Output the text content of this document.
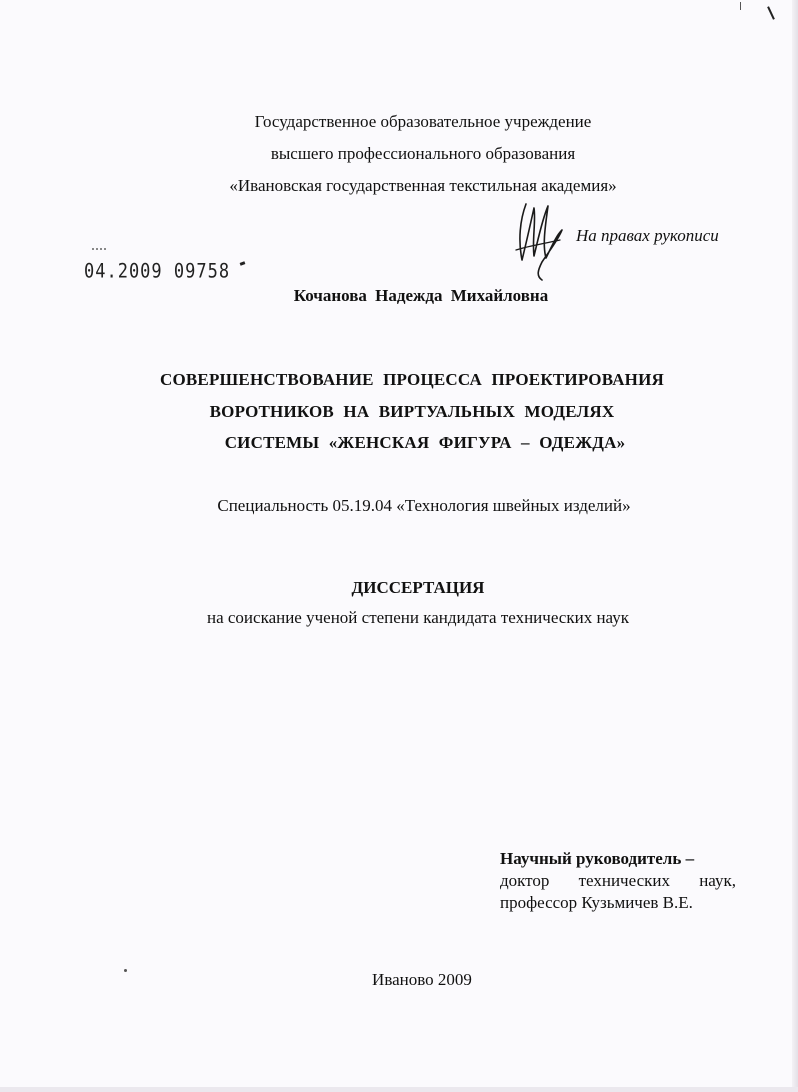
Государственное образовательное учреждение
высшего профессионального образования
«Ивановская государственная текстильная академия»
На правах рукописи
04.2009 09758
Кочанова Надежда Михайловна
СОВЕРШЕНСТВОВАНИЕ ПРОЦЕССА ПРОЕКТИРОВАНИЯ
ВОРОТНИКОВ НА ВИРТУАЛЬНЫХ МОДЕЛЯХ
СИСТЕМЫ «ЖЕНСКАЯ ФИГУРА – ОДЕЖДА»
Специальность 05.19.04 «Технология швейных изделий»
ДИССЕРТАЦИЯ
на соискание ученой степени кандидата технических наук
Научный руководитель –
доктор технических наук,
профессор Кузьмичев В.Е.
Иваново 2009
